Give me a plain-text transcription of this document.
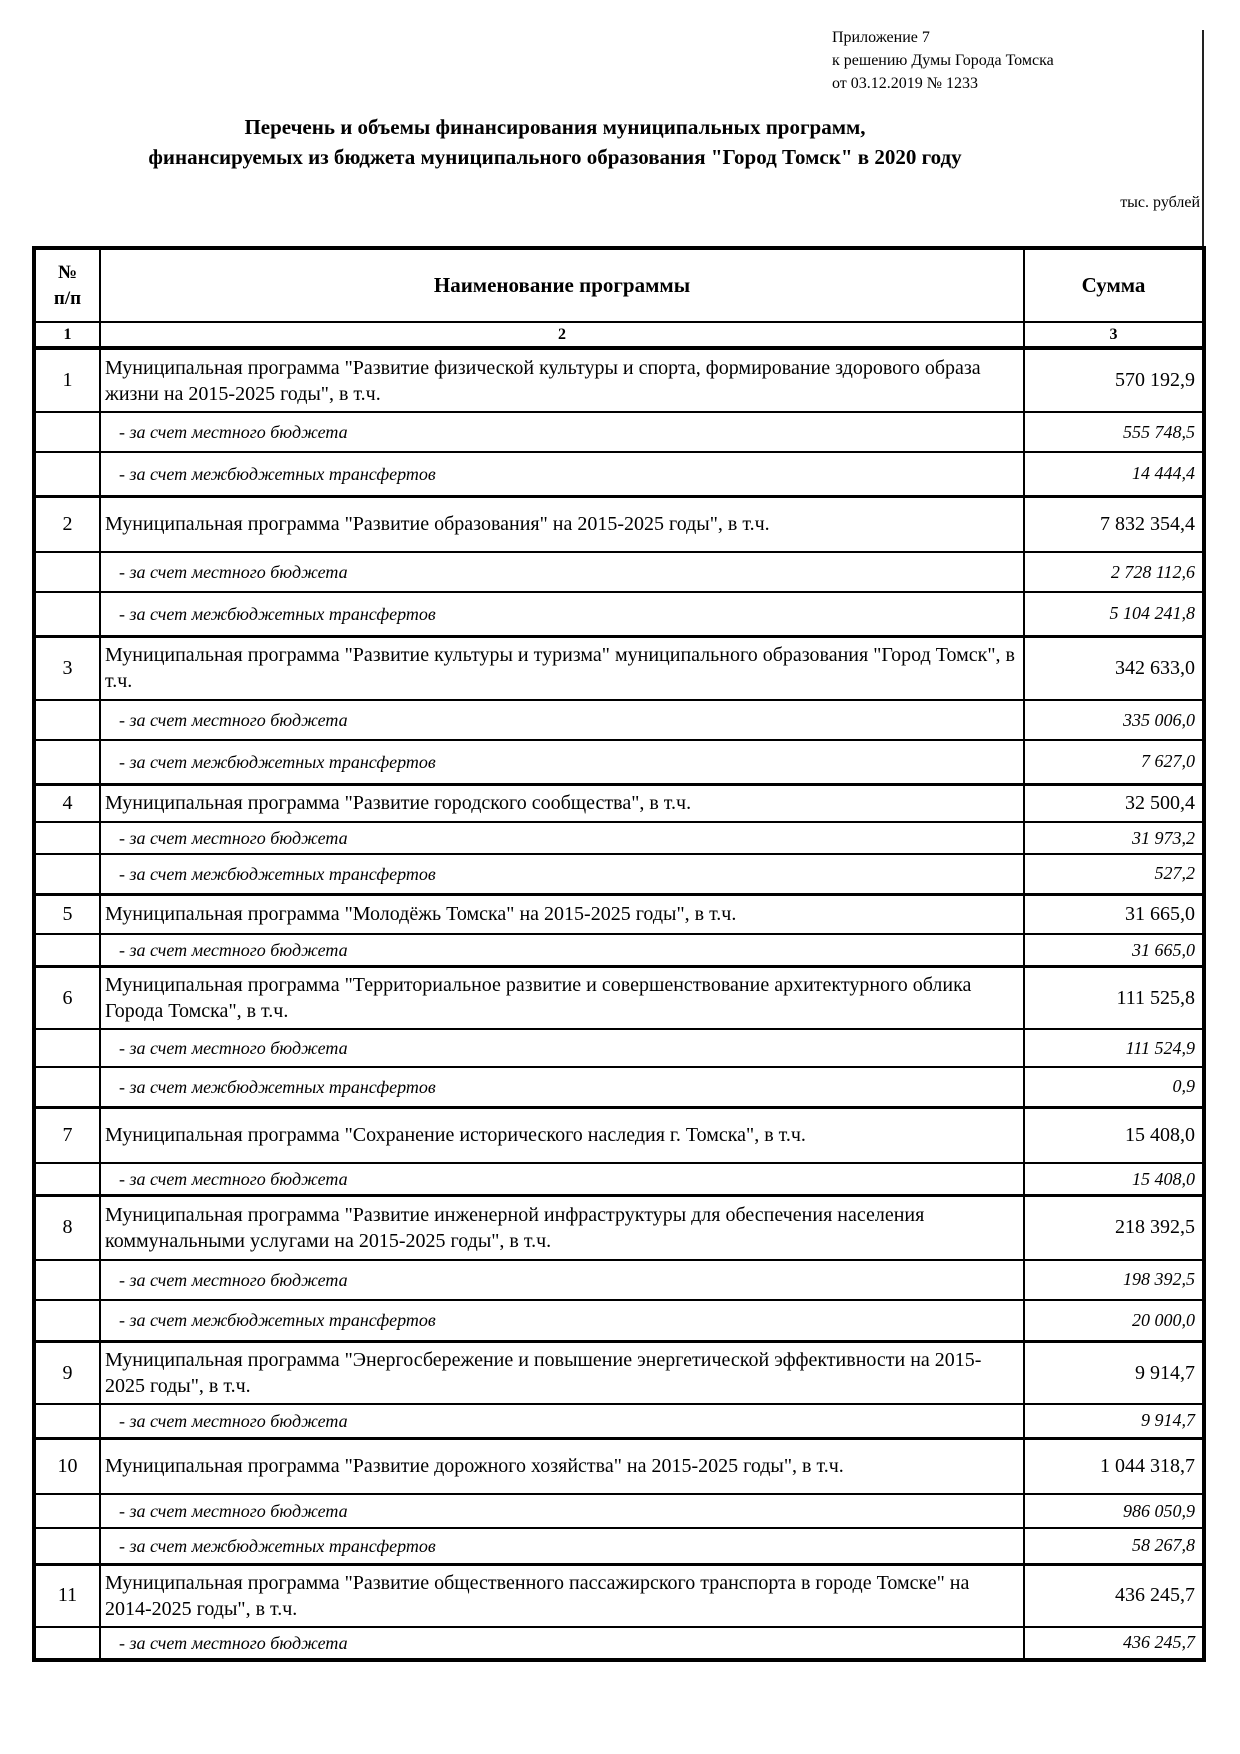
Приложение 7
к решению Думы Города Томска
от 03.12.2019 № 1233
Перечень и объемы финансирования муниципальных программ,
финансируемых из бюджета муниципального образования "Город Томск" в 2020 году
тыс. рублей
№ п/п	Наименование программы	Сумма
1	2	3
1	Муниципальная программа "Развитие физической культуры и спорта, формирование здорового образа жизни на 2015-2025 годы", в т.ч.	570 192,9
	- за счет местного бюджета	555 748,5
	- за счет межбюджетных трансфертов	14 444,4
2	Муниципальная программа "Развитие образования" на 2015-2025 годы", в т.ч.	7 832 354,4
	- за счет местного бюджета	2 728 112,6
	- за счет межбюджетных трансфертов	5 104 241,8
3	Муниципальная программа "Развитие культуры и туризма" муниципального образования "Город Томск", в т.ч.	342 633,0
	- за счет местного бюджета	335 006,0
	- за счет межбюджетных трансфертов	7 627,0
4	Муниципальная программа "Развитие городского сообщества", в т.ч.	32 500,4
	- за счет местного бюджета	31 973,2
	- за счет межбюджетных трансфертов	527,2
5	Муниципальная программа "Молодёжь Томска" на 2015-2025 годы", в т.ч.	31 665,0
	- за счет местного бюджета	31 665,0
6	Муниципальная программа "Территориальное развитие и совершенствование архитектурного облика Города Томска", в т.ч.	111 525,8
	- за счет местного бюджета	111 524,9
	- за счет межбюджетных трансфертов	0,9
7	Муниципальная программа "Сохранение исторического наследия г. Томска", в т.ч.	15 408,0
	- за счет местного бюджета	15 408,0
8	Муниципальная программа "Развитие инженерной инфраструктуры для обеспечения населения коммунальными услугами на 2015-2025 годы", в т.ч.	218 392,5
	- за счет местного бюджета	198 392,5
	- за счет межбюджетных трансфертов	20 000,0
9	Муниципальная программа "Энергосбережение и повышение энергетической эффективности на 2015-2025 годы", в т.ч.	9 914,7
	- за счет местного бюджета	9 914,7
10	Муниципальная программа "Развитие дорожного хозяйства" на 2015-2025 годы", в т.ч.	1 044 318,7
	- за счет местного бюджета	986 050,9
	- за счет межбюджетных трансфертов	58 267,8
11	Муниципальная программа "Развитие общественного пассажирского транспорта в городе Томске" на 2014-2025 годы", в т.ч.	436 245,7
	- за счет местного бюджета	436 245,7
